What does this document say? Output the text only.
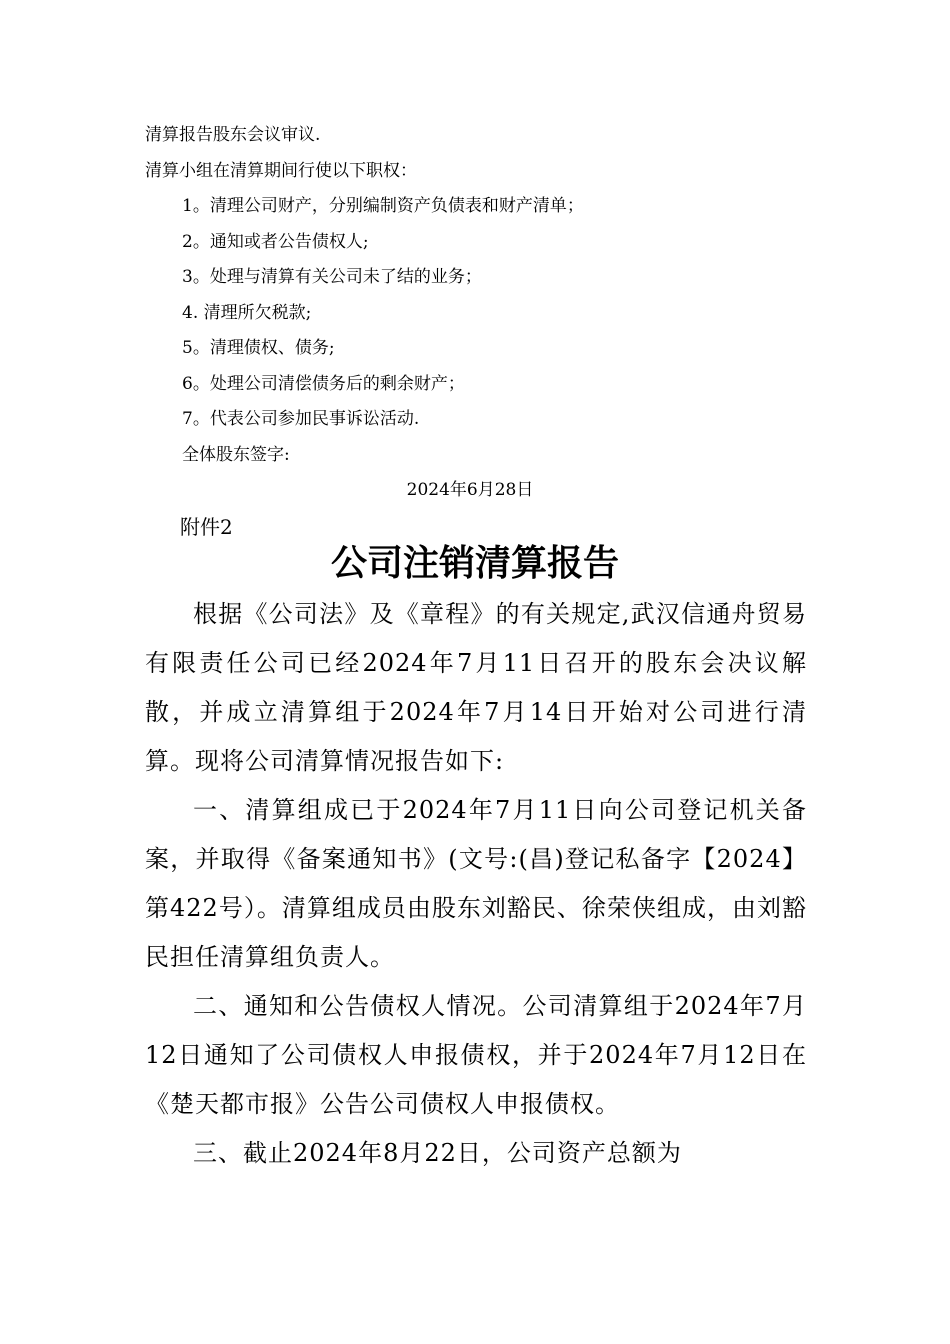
清算报告股东会议审议.
清算小组在清算期间行使以下职权：
1。清理公司财产，分别编制资产负债表和财产清单；
2。通知或者公告债权人;
3。处理与清算有关公司未了结的业务；
4. 清理所欠税款;
5。清理债权、债务;
6。处理公司清偿债务后的剩余财产；
7。代表公司参加民事诉讼活动.
全体股东签字:
2024年6月28日
附件2
公司注销清算报告

根据《公司法》及《章程》的有关规定,武汉信通舟贸易有限责任公司已经2024年7月11日召开的股东会决议解散，并成立清算组于2024年7月14日开始对公司进行清算。现将公司清算情况报告如下:

一、清算组成已于2024年7月11日向公司登记机关备案，并取得《备案通知书》(文号:(昌)登记私备字【2024】第422号）。清算组成员由股东刘豁民、徐荣侠组成，由刘豁民担任清算组负责人。

二、通知和公告债权人情况。公司清算组于2024年7月12日通知了公司债权人申报债权，并于2024年7月12日在《楚天都市报》公告公司债权人申报债权。

三、截止2024年8月22日，公司资产总额为
